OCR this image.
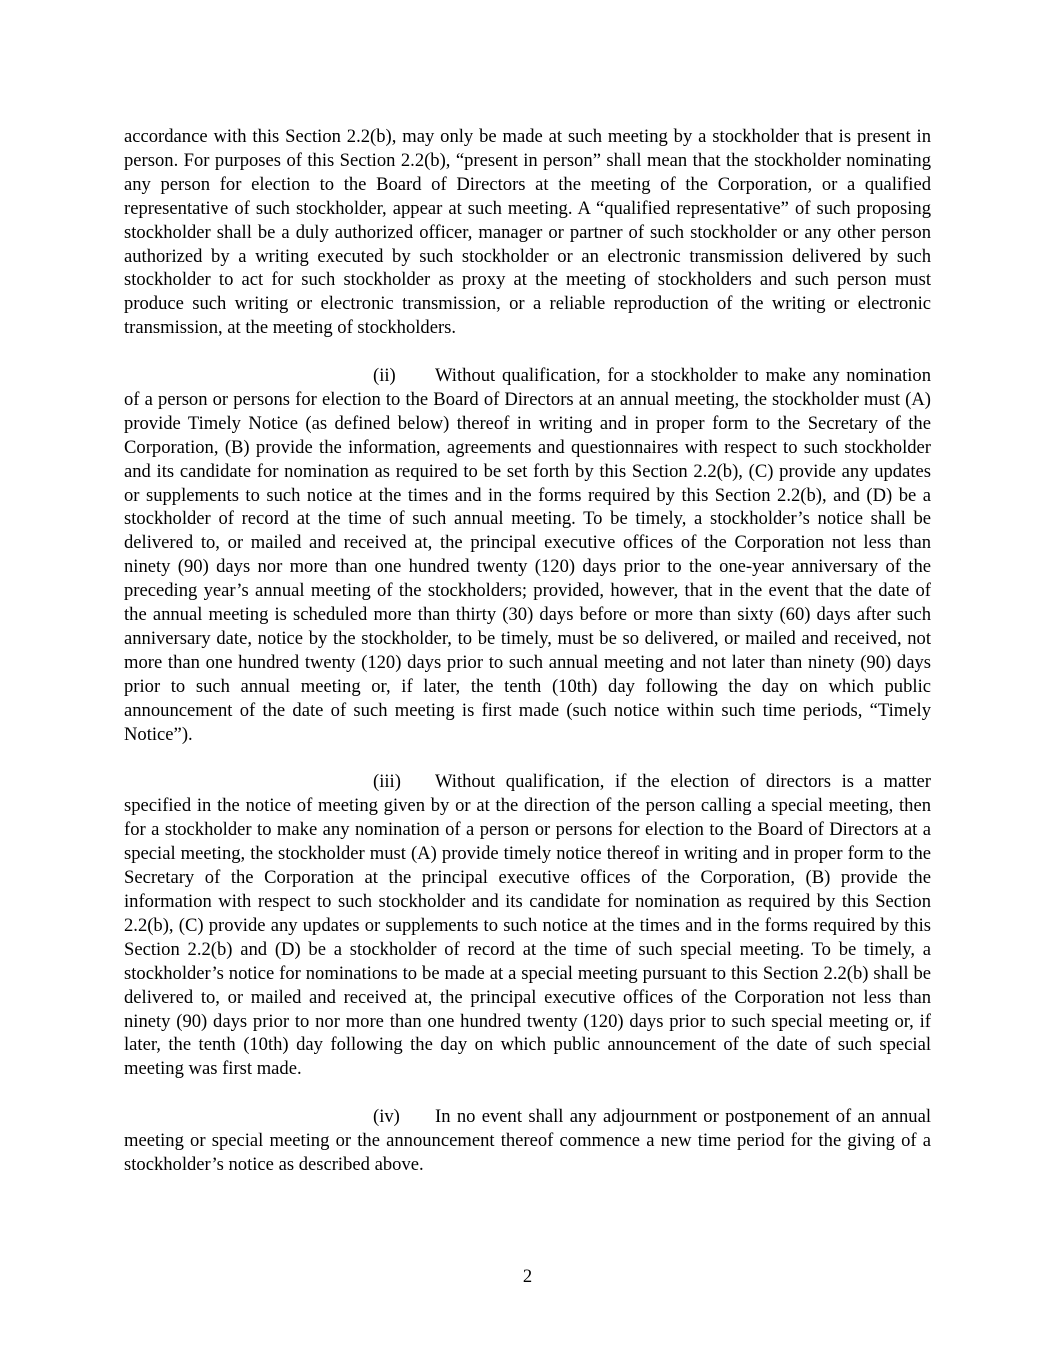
accordance with this Section 2.2(b), may only be made at such meeting by a stockholder that is present in person. For purposes of this Section 2.2(b), “present in person” shall mean that the stockholder nominating any person for election to the Board of Directors at the meeting of the Corporation, or a qualified representative of such stockholder, appear at such meeting. A “qualified representative” of such proposing stockholder shall be a duly authorized officer, manager or partner of such stockholder or any other person authorized by a writing executed by such stockholder or an electronic transmission delivered by such stockholder to act for such stockholder as proxy at the meeting of stockholders and such person must produce such writing or electronic transmission, or a reliable reproduction of the writing or electronic transmission, at the meeting of stockholders.

(ii) Without qualification, for a stockholder to make any nomination of a person or persons for election to the Board of Directors at an annual meeting, the stockholder must (A) provide Timely Notice (as defined below) thereof in writing and in proper form to the Secretary of the Corporation, (B) provide the information, agreements and questionnaires with respect to such stockholder and its candidate for nomination as required to be set forth by this Section 2.2(b), (C) provide any updates or supplements to such notice at the times and in the forms required by this Section 2.2(b), and (D) be a stockholder of record at the time of such annual meeting. To be timely, a stockholder’s notice shall be delivered to, or mailed and received at, the principal executive offices of the Corporation not less than ninety (90) days nor more than one hundred twenty (120) days prior to the one-year anniversary of the preceding year’s annual meeting of the stockholders; provided, however, that in the event that the date of the annual meeting is scheduled more than thirty (30) days before or more than sixty (60) days after such anniversary date, notice by the stockholder, to be timely, must be so delivered, or mailed and received, not more than one hundred twenty (120) days prior to such annual meeting and not later than ninety (90) days prior to such annual meeting or, if later, the tenth (10th) day following the day on which public announcement of the date of such meeting is first made (such notice within such time periods, “Timely Notice”).

(iii) Without qualification, if the election of directors is a matter specified in the notice of meeting given by or at the direction of the person calling a special meeting, then for a stockholder to make any nomination of a person or persons for election to the Board of Directors at a special meeting, the stockholder must (A) provide timely notice thereof in writing and in proper form to the Secretary of the Corporation at the principal executive offices of the Corporation, (B) provide the information with respect to such stockholder and its candidate for nomination as required by this Section 2.2(b), (C) provide any updates or supplements to such notice at the times and in the forms required by this Section 2.2(b) and (D) be a stockholder of record at the time of such special meeting. To be timely, a stockholder’s notice for nominations to be made at a special meeting pursuant to this Section 2.2(b) shall be delivered to, or mailed and received at, the principal executive offices of the Corporation not less than ninety (90) days prior to nor more than one hundred twenty (120) days prior to such special meeting or, if later, the tenth (10th) day following the day on which public announcement of the date of such special meeting was first made.

(iv) In no event shall any adjournment or postponement of an annual meeting or special meeting or the announcement thereof commence a new time period for the giving of a stockholder’s notice as described above.

2
